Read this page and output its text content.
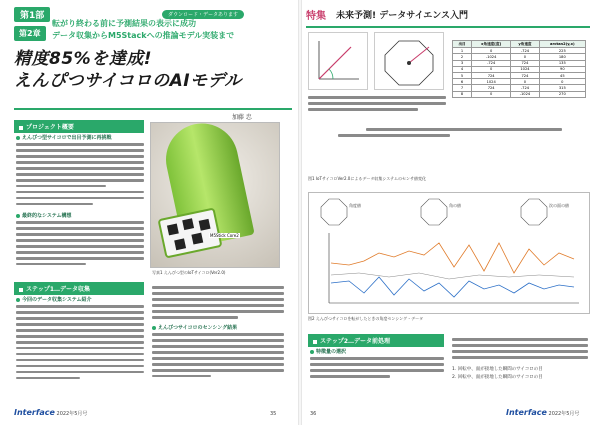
第1部	ダウンロード・データあります
第2章
転がり終わる前に予測結果の表示に成功
データ収集からM5Stackへの推論モデル実装まで
精度85%を達成!
えんぴつサイコロのAIモデル
加藤 忠
プロジェクト概要
えんぴつ型サイコロで出目予測に再挑戦
最終的なシステム構想
ステップ1…データ収集
今回のデータ収集システム紹介
M5Stick Core2
写真1 えんぴつ型のIoTサイコロ(Ver2.0)
えんぴつサイコロのセンシング結果
Interface 2022年5月号	35
特集 未来予測! データサイエンス入門
出目	x角速度[度]	y角速度	arctan2(y,x)
1	0	-724	225
2	-1024	0	180
3	-724	724	135
4	0	1024	90
5	724	724	45
6	1024	0	0
7	724	-724	315
8	0	-1024	270
図1 IoTサイコロVer2.0によるデータ収集システムのセンサ値変化
角度値	角の値	次の面の値
図2 えんぴつサイコロを転がしたときの角度センシング・データ
ステップ2…データ前処理
特徴量の選択
1. 回転中、面が接地した瞬間のサイコロの目
2. 回転中、面が接地した瞬間のサイコロの目
36	Interface 2022年5月号
